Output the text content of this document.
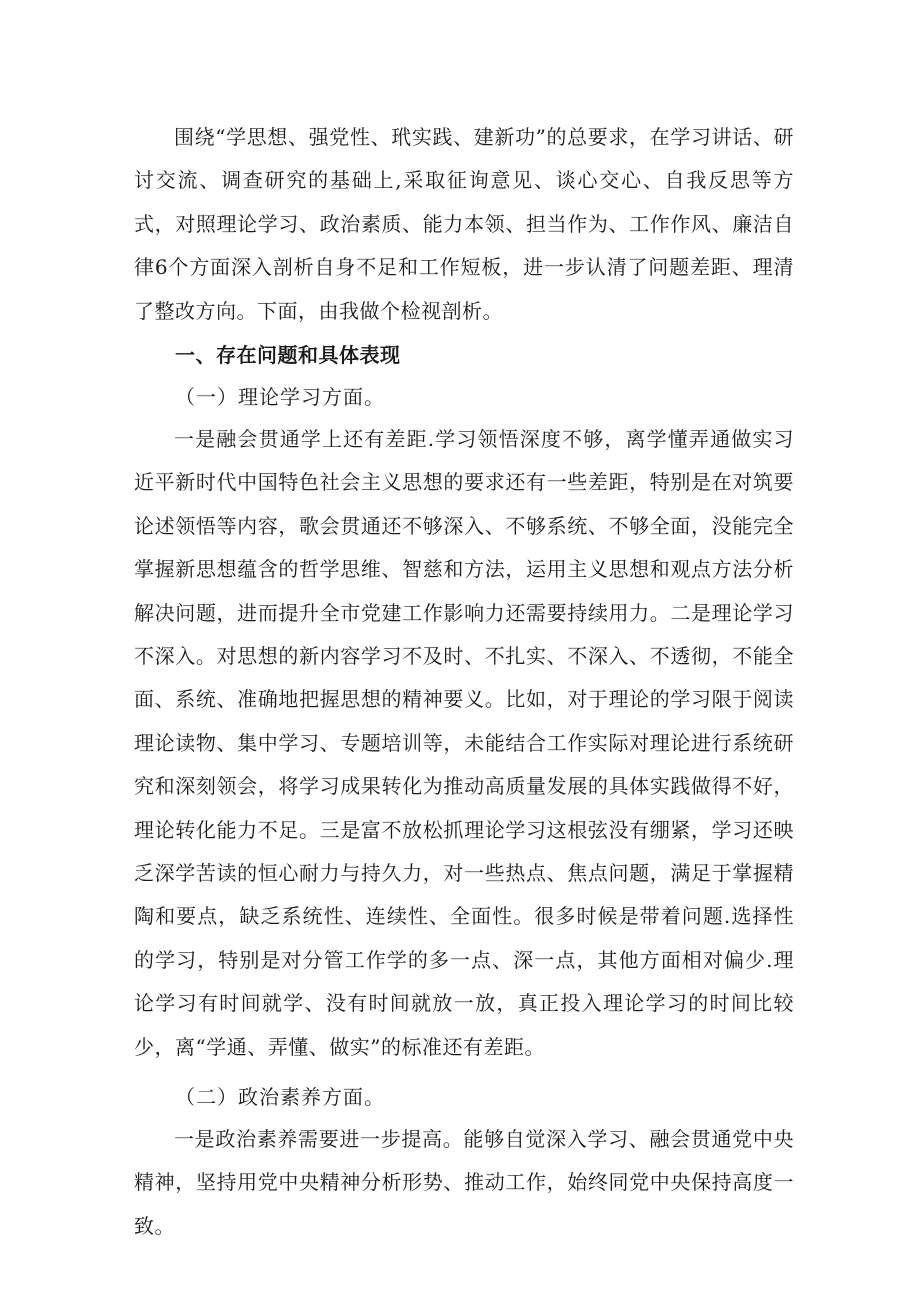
围绕“学思想、强党性、玳实践、建新功”的总要求，在学习讲话、研讨交流、调查研究的基础上,采取征询意见、谈心交心、自我反思等方式，对照理论学习、政治素质、能力本领、担当作为、工作作风、廉洁自律6个方面深入剖析自身不足和工作短板，进一步认清了问题差距、理清了整改方向。下面，由我做个检视剖析。

一、存在问题和具体表现

（一）理论学习方面。

一是融会贯通学上还有差距.学习领悟深度不够，离学懂弄通做实习近平新时代中国特色社会主义思想的要求还有一些差距，特别是在对筑要论述领悟等内容，歌会贯通还不够深入、不够系统、不够全面，没能完全掌握新思想蕴含的哲学思维、智慈和方法，运用主义思想和观点方法分析解决问题，进而提升全市党建工作影响力还需要持续用力。二是理论学习不深入。对思想的新内容学习不及时、不扎实、不深入、不透彻，不能全面、系统、准确地把握思想的精神要义。比如，对于理论的学习限于阅读理论读物、集中学习、专题培训等，未能结合工作实际对理论进行系统研究和深刻领会，将学习成果转化为推动高质量发展的具体实践做得不好，理论转化能力不足。三是富不放松抓理论学习这根弦没有绷紧，学习还映乏深学苦读的恒心耐力与持久力，对一些热点、焦点问题，满足于掌握精陶和要点，缺乏系统性、连续性、全面性。很多时候是带着问题.选择性的学习，特别是对分管工作学的多一点、深一点，其他方面相对偏少.理论学习有时间就学、没有时间就放一放，真正投入理论学习的时间比较少，离“学通、弄懂、做实”的标准还有差距。

（二）政治素养方面。

一是政治素养需要进一步提高。能够自觉深入学习、融会贯通党中央精神，坚持用党中央精神分析形势、推动工作，始终同党中央保持高度一致。
